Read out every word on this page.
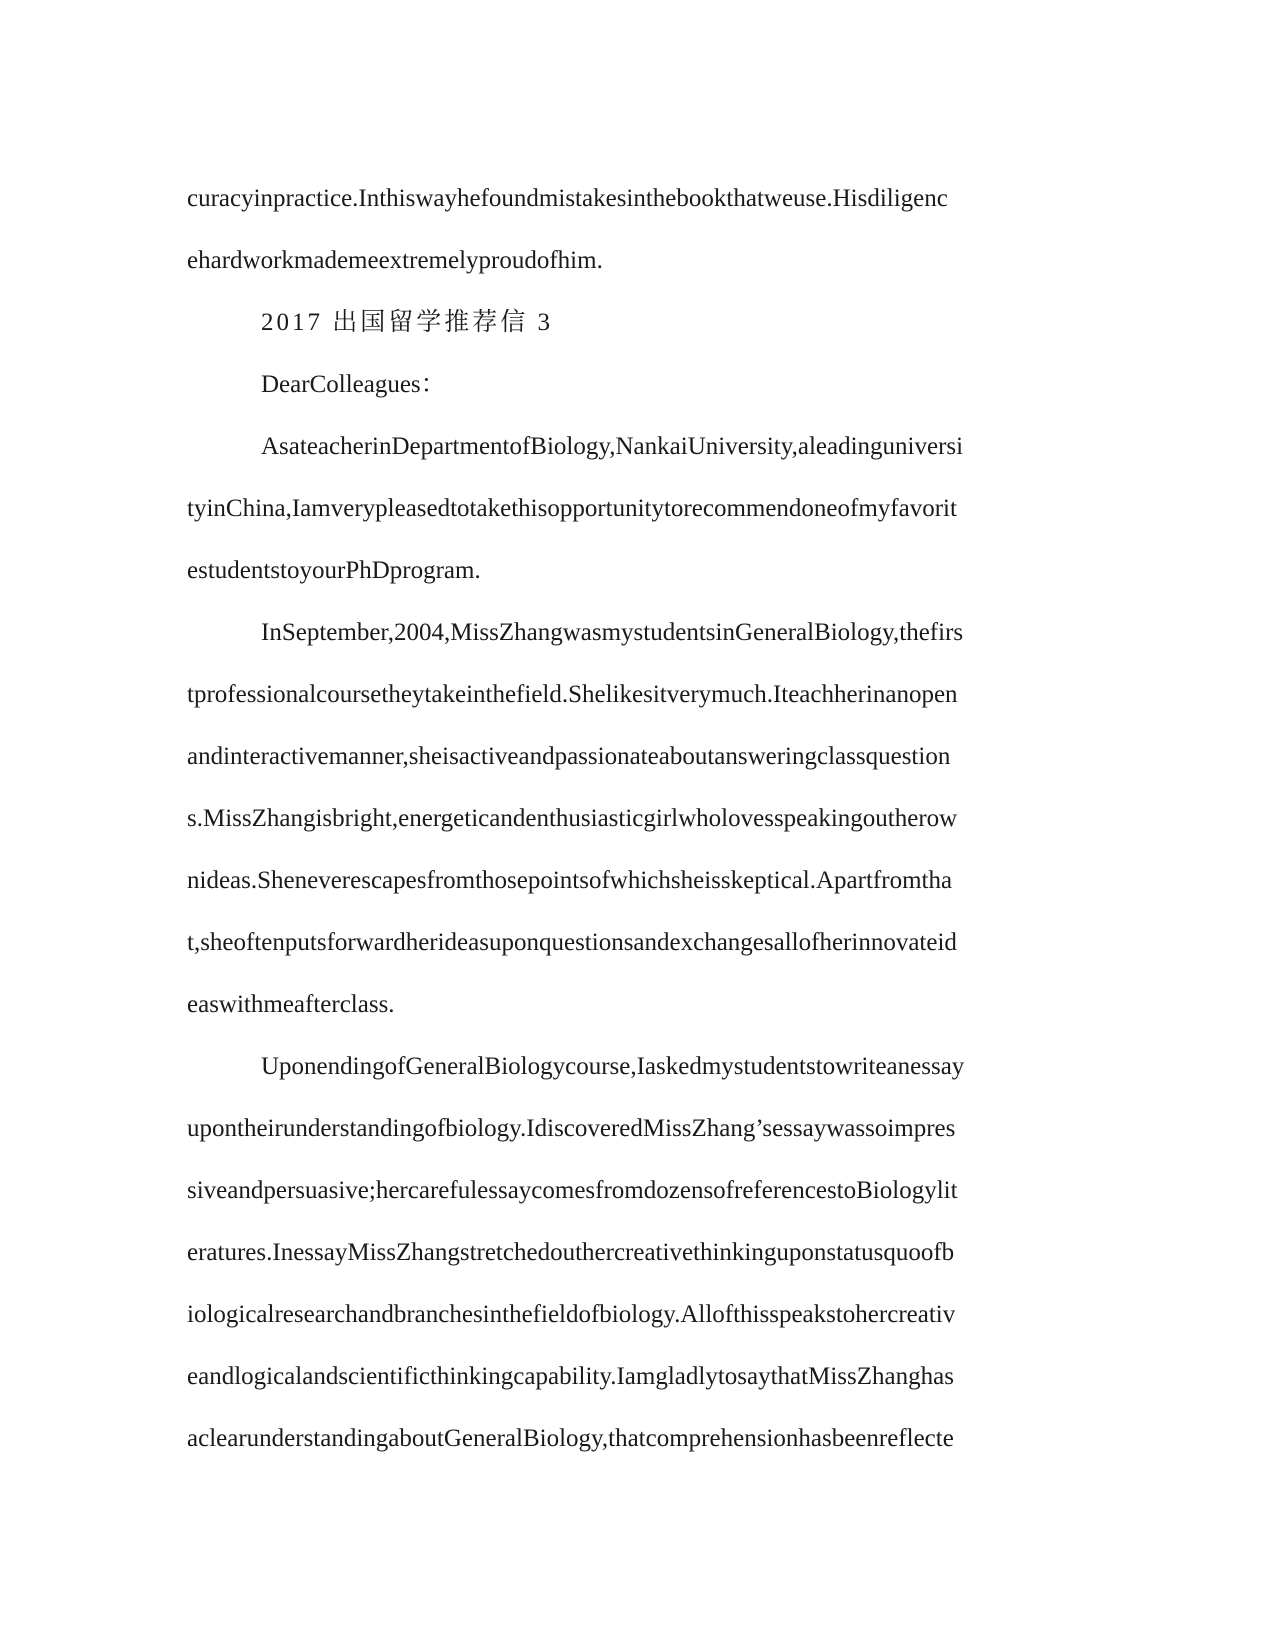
curacyinpractice.Inthiswayhefoundmistakesinthebookthatweuse.Hisdiligenc
ehardworkmademeextremelyproudofhim.
2017 出国留学推荐信 3
DearColleagues：
AsateacherinDepartmentofBiology,NankaiUniversity,aleadinguniversi
tyinChina,Iamverypleasedtotakethisopportunitytorecommendoneofmyfavorit
estudentstoyourPhDprogram.
InSeptember,2004,MissZhangwasmystudentsinGeneralBiology,thefirs
tprofessionalcoursetheytakeinthefield.Shelikesitverymuch.Iteachherinanopen
andinteractivemanner,sheisactiveandpassionateaboutansweringclassquestion
s.MissZhangisbright,energeticandenthusiasticgirlwholovesspeakingoutherow
nideas.Sheneverescapesfromthosepointsofwhichsheisskeptical.Apartfromtha
t,sheoftenputsforwardherideasuponquestionsandexchangesallofherinnovateid
easwithmeafterclass.
UponendingofGeneralBiologycourse,Iaskedmystudentstowriteanessay
upontheirunderstandingofbiology.IdiscoveredMissZhang’sessaywassoimpres
siveandpersuasive;hercarefulessaycomesfromdozensofreferencestoBiologylit
eratures.InessayMissZhangstretchedouthercreativethinkinguponstatusquoofb
iologicalresearchandbranchesinthefieldofbiology.Allofthisspeakstohercreativ
eandlogicalandscientificthinkingcapability.IamgladlytosaythatMissZhanghas
aclearunderstandingaboutGeneralBiology,thatcomprehensionhasbeenreflecte
